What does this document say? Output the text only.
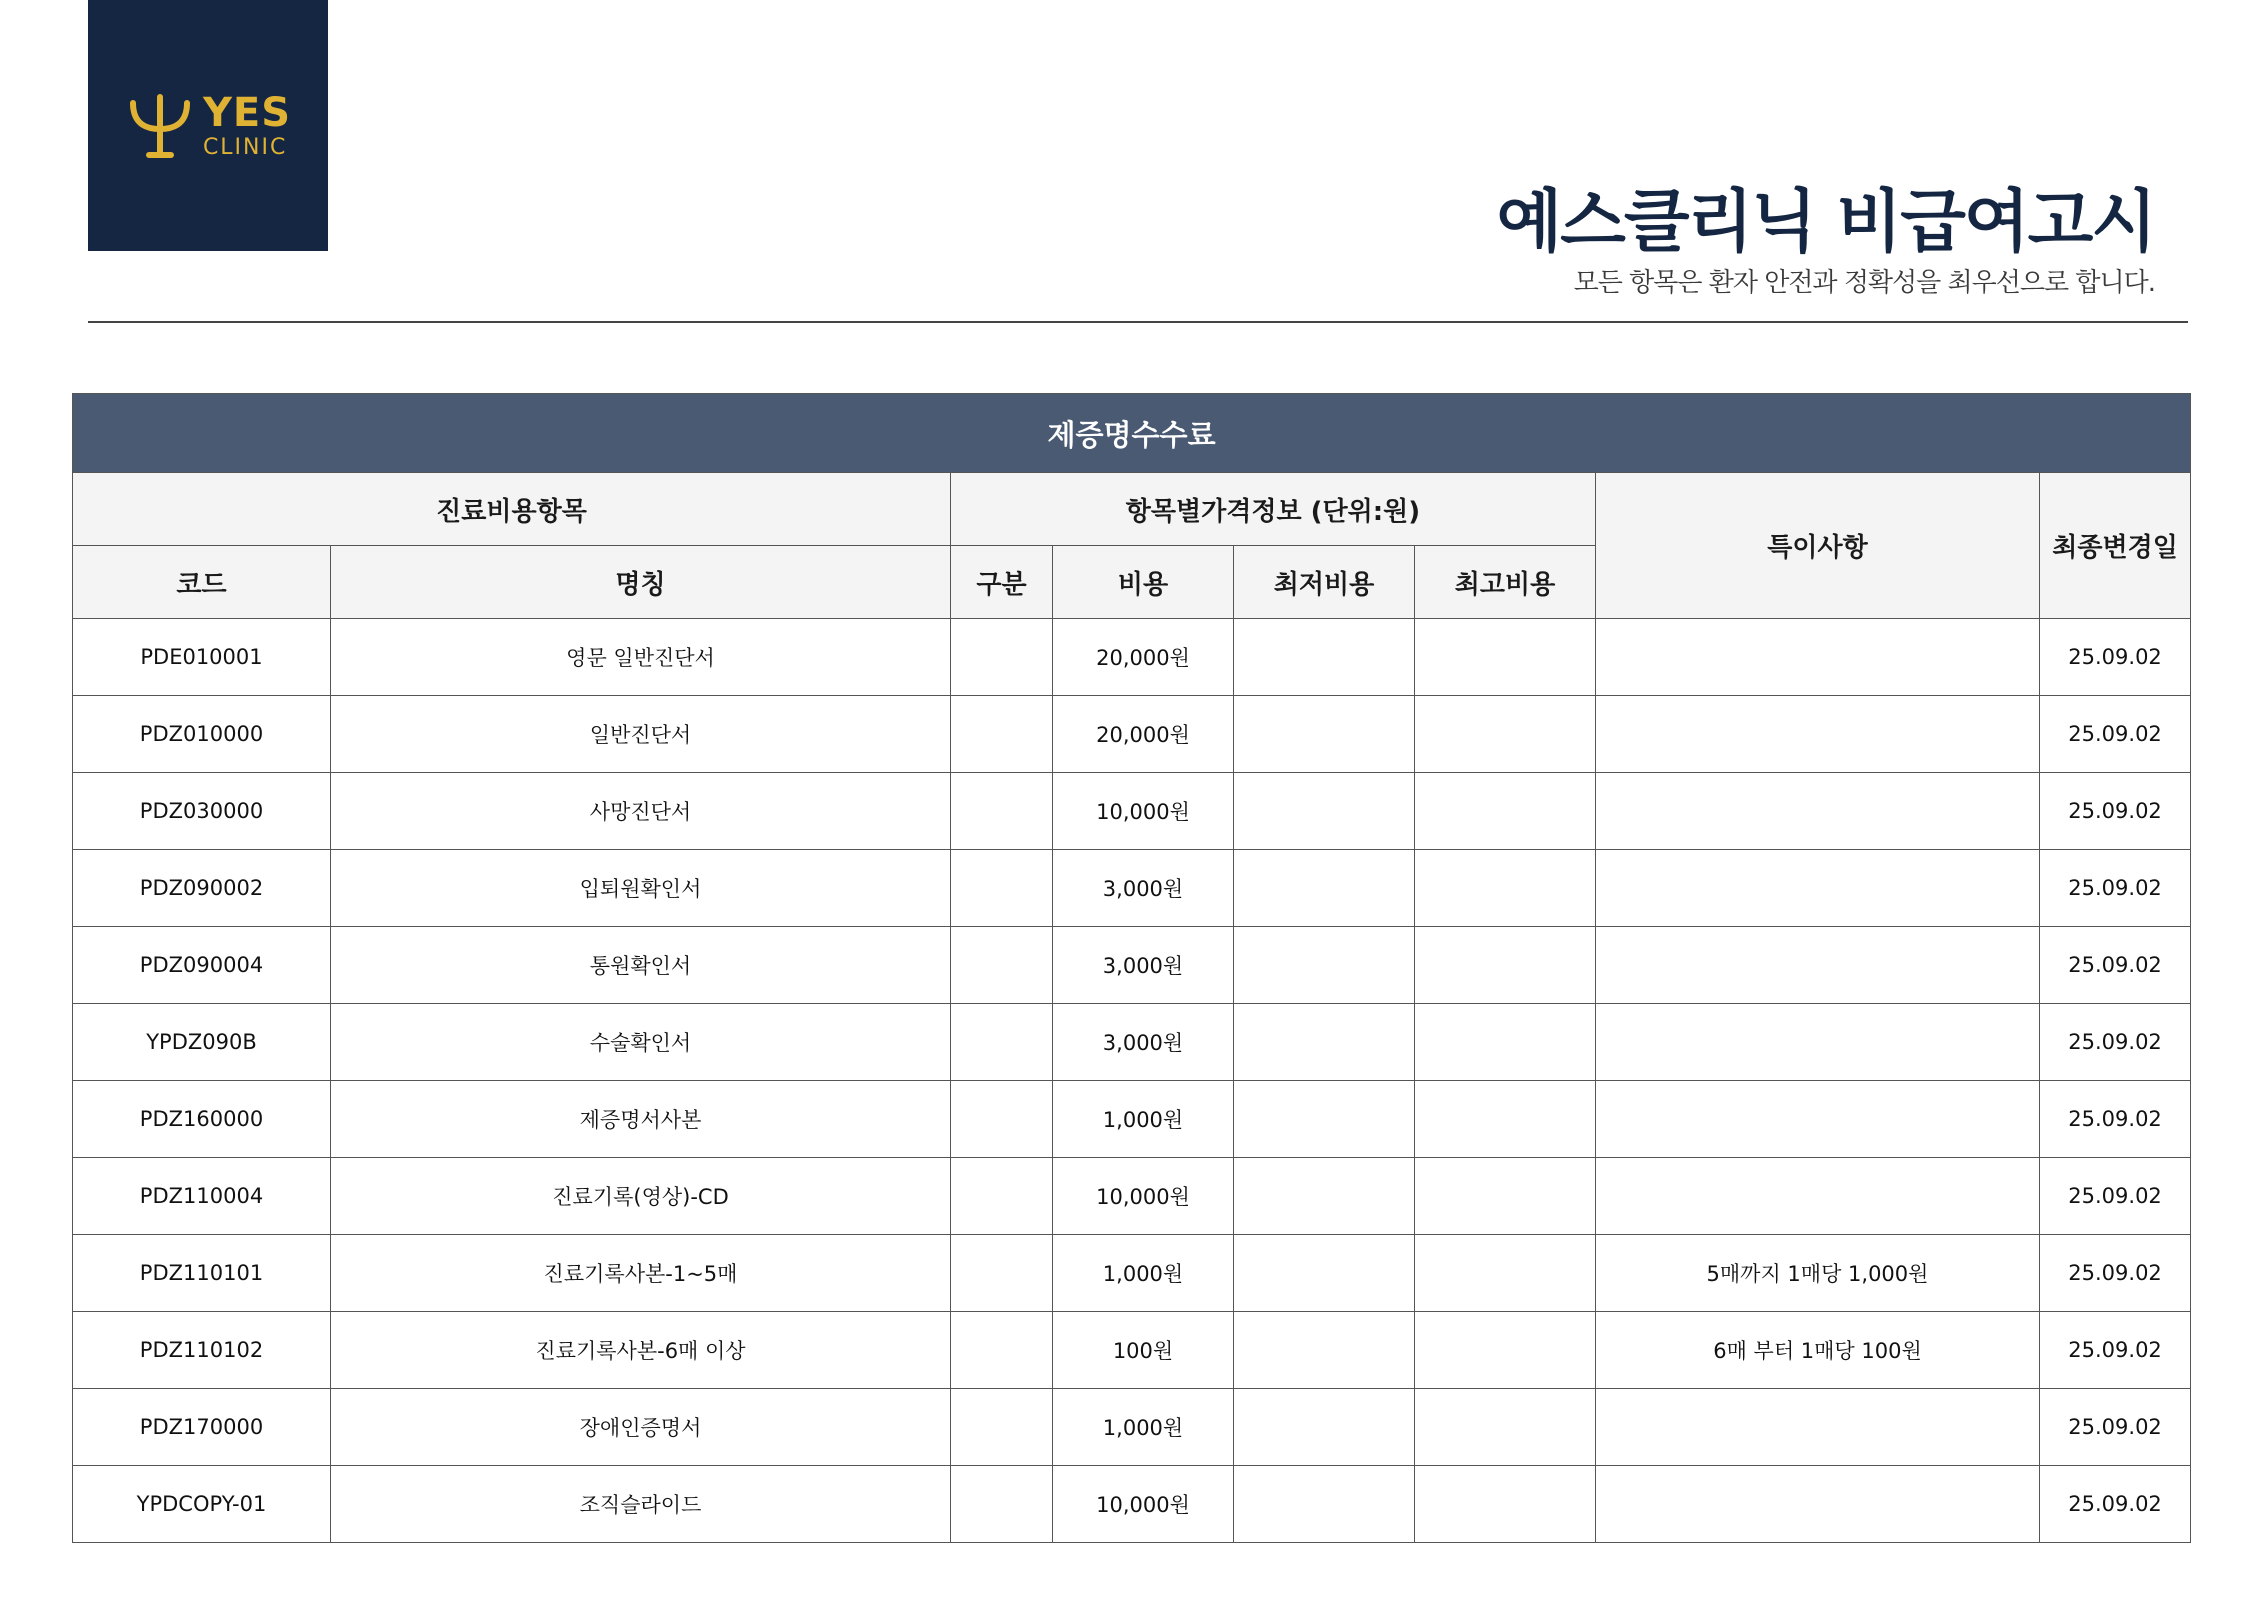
YES
CLINIC
예스클리닉 비급여고시
모든 항목은 환자 안전과 정확성을 최우선으로 합니다.
제증명수수료							
진료비용항목		항목별가격정보 (단위:원)				특이사항	최종변경일
코드	명칭	구분	비용	최저비용	최고비용		
PDE010001	영문 일반진단서		20,000원				25.09.02
PDZ010000	일반진단서		20,000원				25.09.02
PDZ030000	사망진단서		10,000원				25.09.02
PDZ090002	입퇴원확인서		3,000원				25.09.02
PDZ090004	통원확인서		3,000원				25.09.02
YPDZ090B	수술확인서		3,000원				25.09.02
PDZ160000	제증명서사본		1,000원				25.09.02
PDZ110004	진료기록(영상)-CD		10,000원				25.09.02
PDZ110101	진료기록사본-1~5매		1,000원			5매까지 1매당 1,000원	25.09.02
PDZ110102	진료기록사본-6매 이상		100원			6매 부터 1매당 100원	25.09.02
PDZ170000	장애인증명서		1,000원				25.09.02
YPDCOPY-01	조직슬라이드		10,000원				25.09.02
